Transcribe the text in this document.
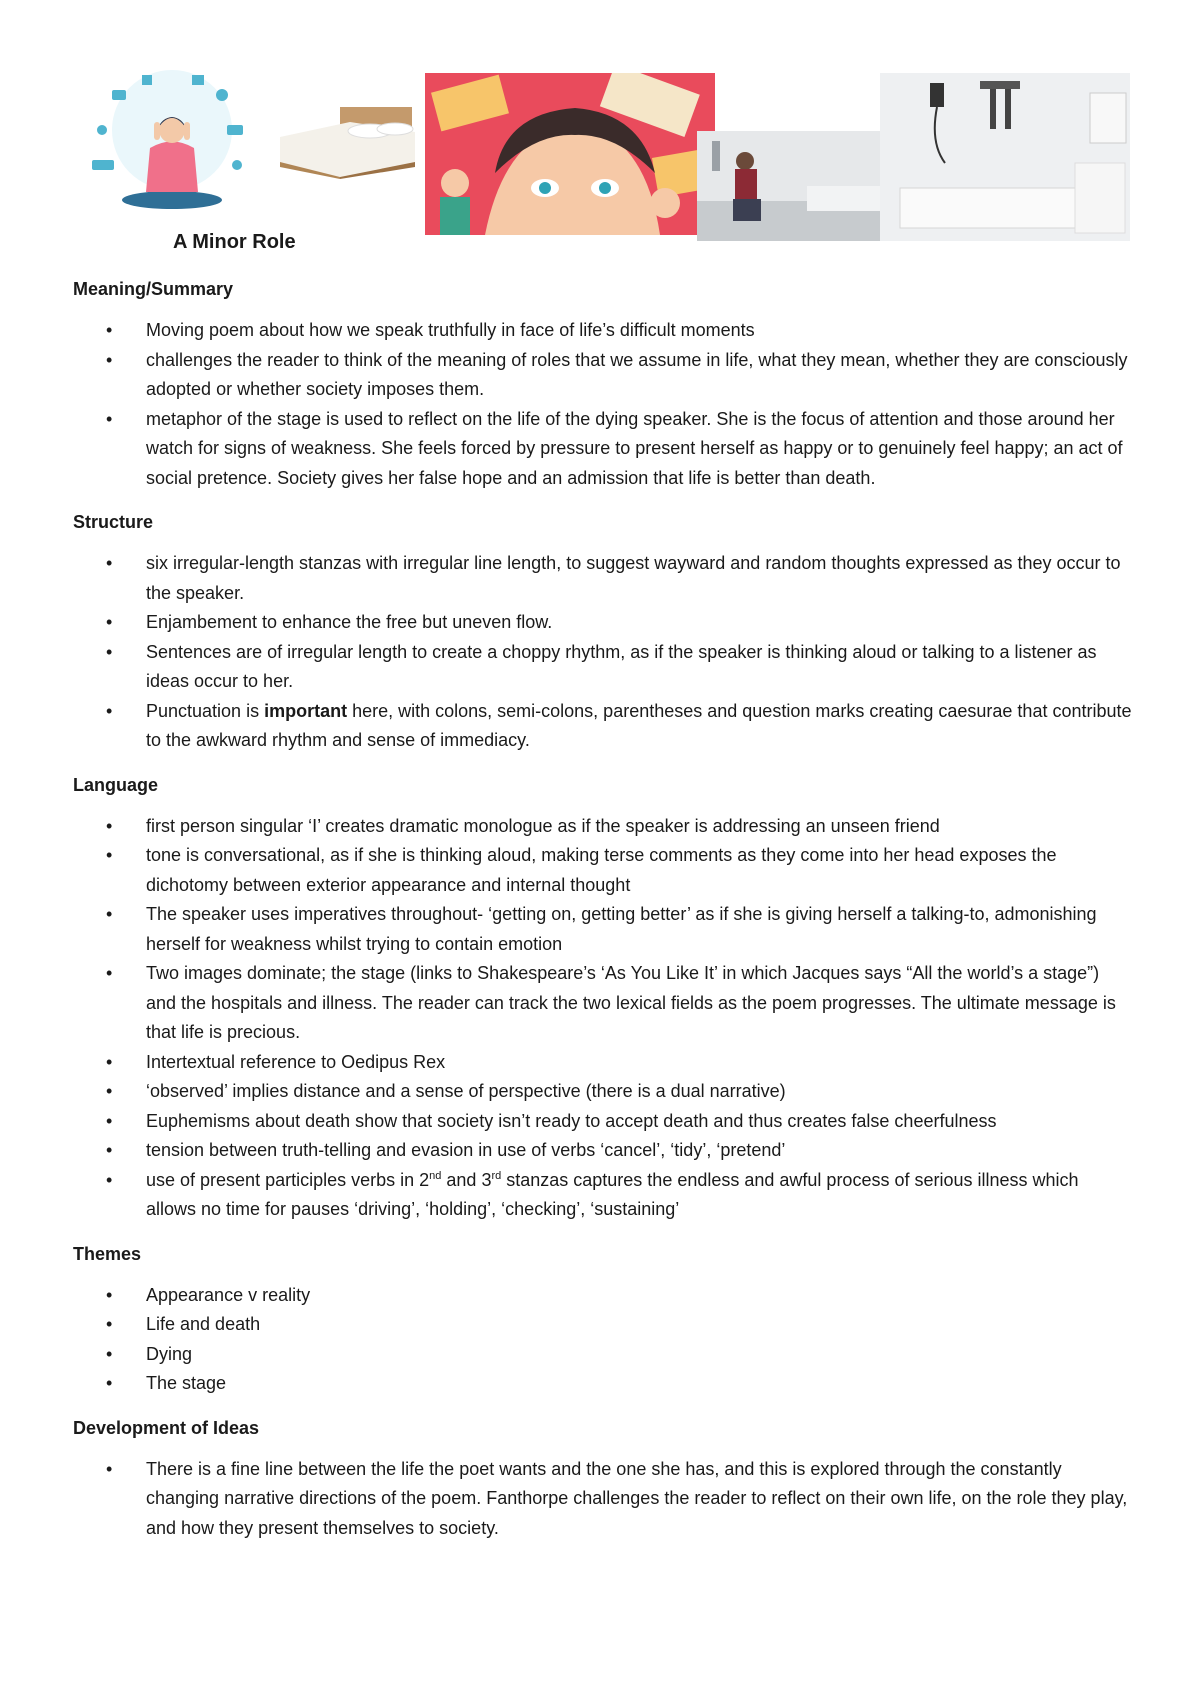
A Minor Role
Meaning/Summary
• Moving poem about how we speak truthfully in face of life’s difficult moments
• challenges the reader to think of the meaning of roles that we assume in life, what they mean, whether they are consciously adopted or whether society imposes them.
• metaphor of the stage is used to reflect on the life of the dying speaker. She is the focus of attention and those around her watch for signs of weakness. She feels forced by pressure to present herself as happy or to genuinely feel happy; an act of social pretence. Society gives her false hope and an admission that life is better than death.
Structure
• six irregular-length stanzas with irregular line length, to suggest wayward and random thoughts expressed as they occur to the speaker.
• Enjambement to enhance the free but uneven flow.
• Sentences are of irregular length to create a choppy rhythm, as if the speaker is thinking aloud or talking to a listener as ideas occur to her.
• Punctuation is important here, with colons, semi-colons, parentheses and question marks creating caesurae that contribute to the awkward rhythm and sense of immediacy.
Language
• first person singular ‘I’ creates dramatic monologue as if the speaker is addressing an unseen friend
• tone is conversational, as if she is thinking aloud, making terse comments as they come into her head exposes the dichotomy between exterior appearance and internal thought
• The speaker uses imperatives throughout- ‘getting on, getting better’ as if she is giving herself a talking-to, admonishing herself for weakness whilst trying to contain emotion
• Two images dominate; the stage (links to Shakespeare’s ‘As You Like It’ in which Jacques says “All the world’s a stage”) and the hospitals and illness. The reader can track the two lexical fields as the poem progresses. The ultimate message is that life is precious.
• Intertextual reference to Oedipus Rex
• ‘observed’ implies distance and a sense of perspective (there is a dual narrative)
• Euphemisms about death show that society isn’t ready to accept death and thus creates false cheerfulness
• tension between truth-telling and evasion in use of verbs ‘cancel’, ‘tidy’, ‘pretend’
• use of present participles verbs in 2nd and 3rd stanzas captures the endless and awful process of serious illness which allows no time for pauses ‘driving’, ‘holding’, ‘checking’, ‘sustaining’
Themes
• Appearance v reality
• Life and death
• Dying
• The stage
Development of Ideas
• There is a fine line between the life the poet wants and the one she has, and this is explored through the constantly changing narrative directions of the poem. Fanthorpe challenges the reader to reflect on their own life, on the role they play, and how they present themselves to society.
